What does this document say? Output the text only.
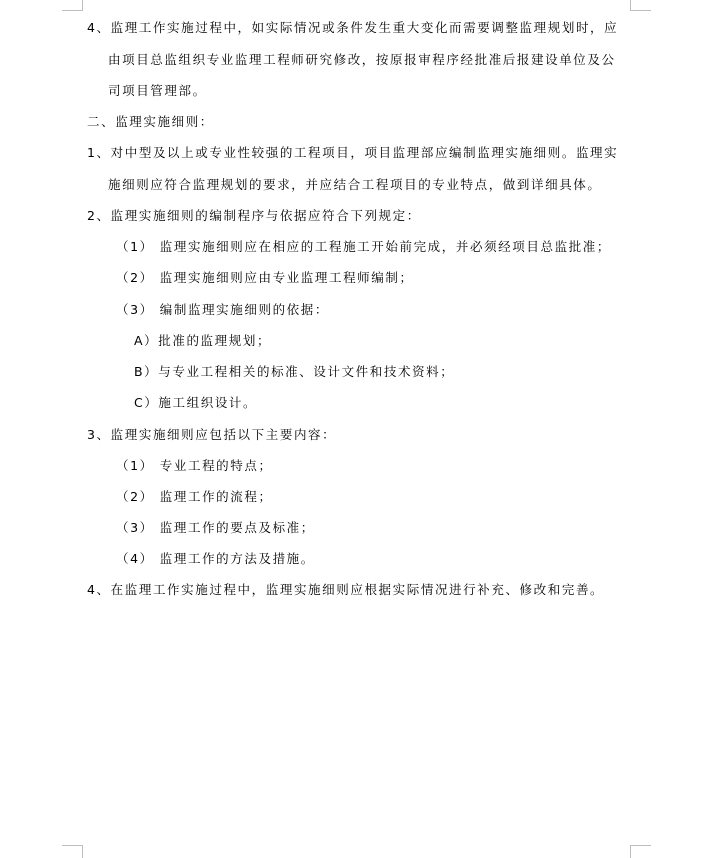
4、监理工作实施过程中，如实际情况或条件发生重大变化而需要调整监理规划时，应
由项目总监组织专业监理工程师研究修改，按原报审程序经批准后报建设单位及公
司项目管理部。
二、监理实施细则：
1、对中型及以上或专业性较强的工程项目，项目监理部应编制监理实施细则。监理实
施细则应符合监理规划的要求，并应结合工程项目的专业特点，做到详细具体。
2、监理实施细则的编制程序与依据应符合下列规定：
（1） 监理实施细则应在相应的工程施工开始前完成，并必须经项目总监批准；
（2） 监理实施细则应由专业监理工程师编制；
（3） 编制监理实施细则的依据：
A）批准的监理规划；
B）与专业工程相关的标准、设计文件和技术资料；
C）施工组织设计。
3、监理实施细则应包括以下主要内容：
（1） 专业工程的特点；
（2） 监理工作的流程；
（3） 监理工作的要点及标准；
（4） 监理工作的方法及措施。
4、在监理工作实施过程中，监理实施细则应根据实际情况进行补充、修改和完善。
